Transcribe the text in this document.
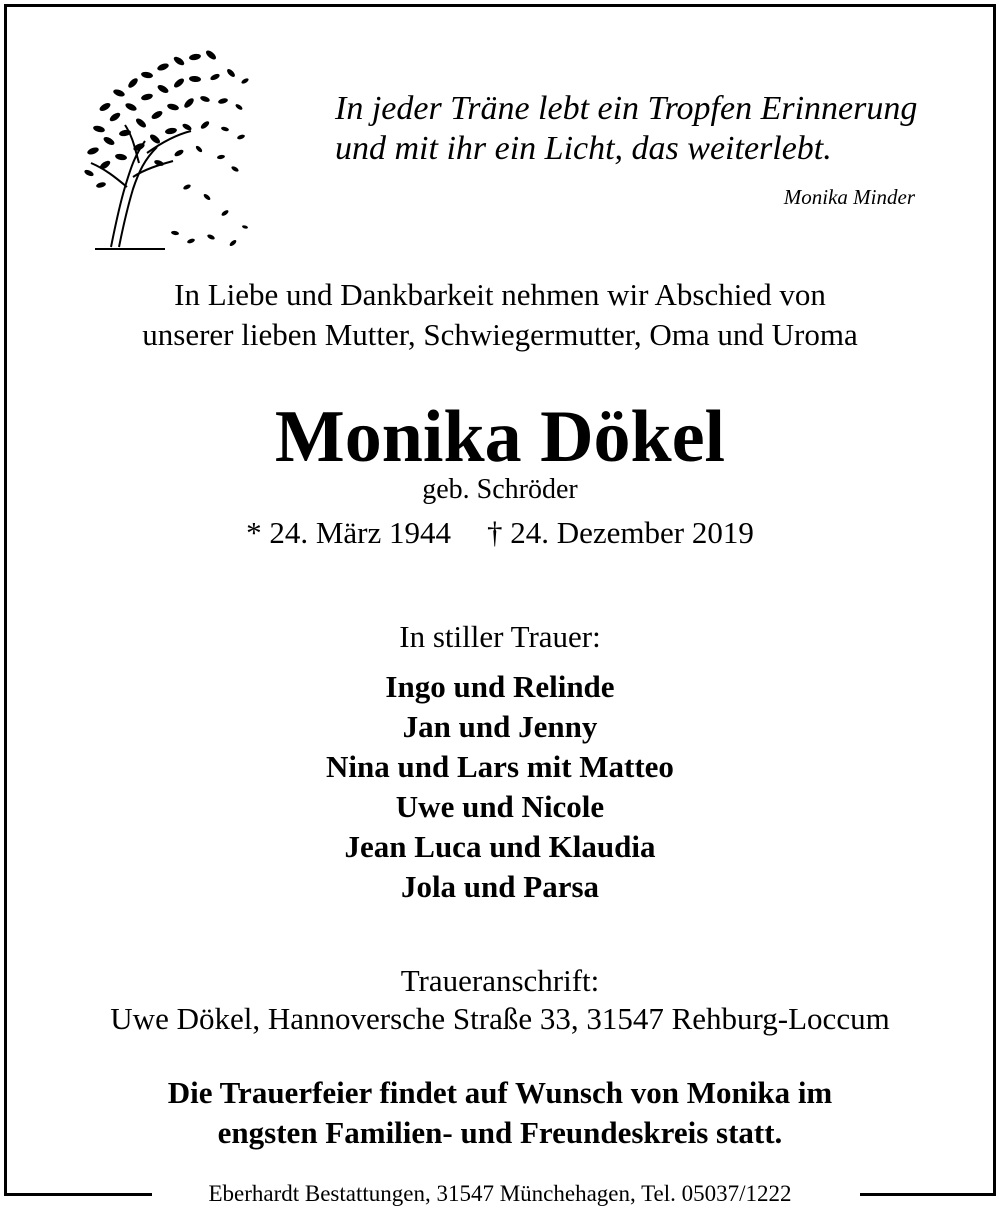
In jeder Träne lebt ein Tropfen Erinnerung
und mit ihr ein Licht, das weiterlebt.
Monika Minder
In Liebe und Dankbarkeit nehmen wir Abschied von
unserer lieben Mutter, Schwiegermutter, Oma und Uroma
Monika Dökel
geb. Schröder
* 24. März 1944 † 24. Dezember 2019
In stiller Trauer:
Ingo und Relinde
Jan und Jenny
Nina und Lars mit Matteo
Uwe und Nicole
Jean Luca und Klaudia
Jola und Parsa
Traueranschrift:
Uwe Dökel, Hannoversche Straße 33, 31547 Rehburg-Loccum
Die Trauerfeier findet auf Wunsch von Monika im
engsten Familien- und Freundeskreis statt.
Eberhardt Bestattungen, 31547 Münchehagen, Tel. 05037/1222
